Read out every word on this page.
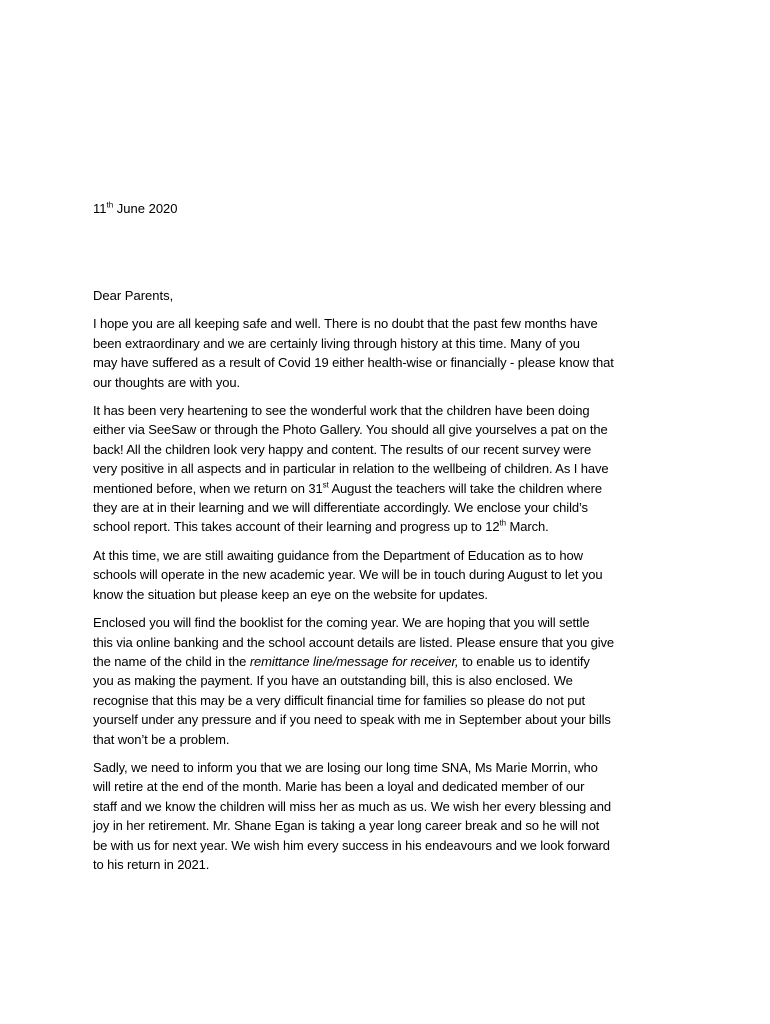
11th June 2020
Dear Parents,
I hope you are all keeping safe and well. There is no doubt that the past few months have
been extraordinary and we are certainly living through history at this time. Many of you
may have suffered as a result of Covid 19 either health-wise or financially - please know that
our thoughts are with you.
It has been very heartening to see the wonderful work that the children have been doing
either via SeeSaw or through the Photo Gallery. You should all give yourselves a pat on the
back! All the children look very happy and content. The results of our recent survey were
very positive in all aspects and in particular in relation to the wellbeing of children. As I have
mentioned before, when we return on 31st August the teachers will take the children where
they are at in their learning and we will differentiate accordingly. We enclose your child’s
school report. This takes account of their learning and progress up to 12th March.
At this time, we are still awaiting guidance from the Department of Education as to how
schools will operate in the new academic year. We will be in touch during August to let you
know the situation but please keep an eye on the website for updates.
Enclosed you will find the booklist for the coming year. We are hoping that you will settle
this via online banking and the school account details are listed. Please ensure that you give
the name of the child in the remittance line/message for receiver, to enable us to identify
you as making the payment. If you have an outstanding bill, this is also enclosed. We
recognise that this may be a very difficult financial time for families so please do not put
yourself under any pressure and if you need to speak with me in September about your bills
that won’t be a problem.
Sadly, we need to inform you that we are losing our long time SNA, Ms Marie Morrin, who
will retire at the end of the month. Marie has been a loyal and dedicated member of our
staff and we know the children will miss her as much as us. We wish her every blessing and
joy in her retirement. Mr. Shane Egan is taking a year long career break and so he will not
be with us for next year. We wish him every success in his endeavours and we look forward
to his return in 2021.
